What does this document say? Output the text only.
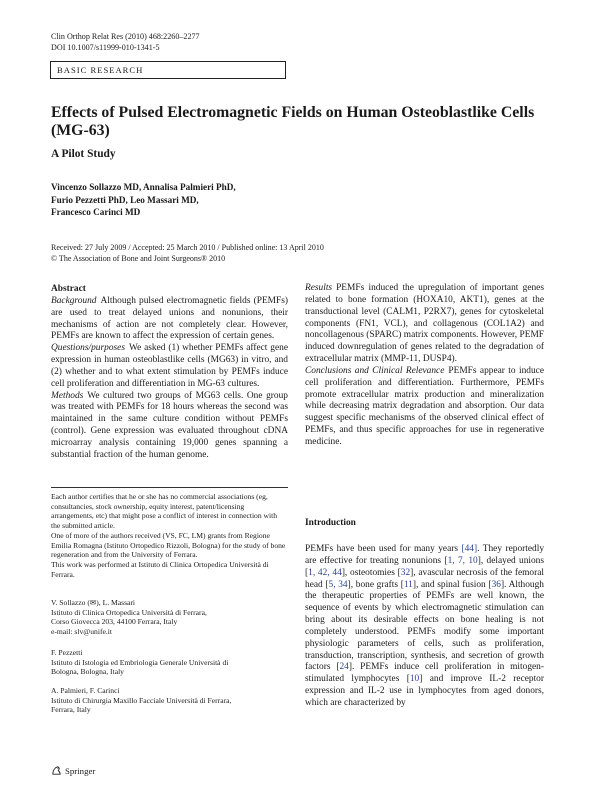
Clin Orthop Relat Res (2010) 468:2260–2277
DOI 10.1007/s11999-010-1341-5
BASIC RESEARCH
Effects of Pulsed Electromagnetic Fields on Human Osteoblastlike Cells (MG-63)
A Pilot Study
Vincenzo Sollazzo MD, Annalisa Palmieri PhD,
Furio Pezzetti PhD, Leo Massari MD,
Francesco Carinci MD
Received: 27 July 2009 / Accepted: 25 March 2010 / Published online: 13 April 2010
© The Association of Bone and Joint Surgeons® 2010

Abstract

Background Although pulsed electromagnetic fields (PEMFs) are used to treat delayed unions and nonunions, their mechanisms of action are not completely clear. However, PEMFs are known to affect the expression of certain genes.

Questions/purposes We asked (1) whether PEMFs affect gene expression in human osteoblastlike cells (MG63) in vitro, and (2) whether and to what extent stimulation by PEMFs induce cell proliferation and differentiation in MG-63 cultures.

Methods We cultured two groups of MG63 cells. One group was treated with PEMFs for 18 hours whereas the second was maintained in the same culture condition without PEMFs (control). Gene expression was evaluated throughout cDNA microarray analysis containing 19,000 genes spanning a substantial fraction of the human genome.

Results PEMFs induced the upregulation of important genes related to bone formation (HOXA10, AKT1), genes at the transductional level (CALM1, P2RX7), genes for cytoskeletal components (FN1, VCL), and collagenous (COL1A2) and noncollagenous (SPARC) matrix components. However, PEMF induced downregulation of genes related to the degradation of extracellular matrix (MMP-11, DUSP4).

Conclusions and Clinical Relevance PEMFs appear to induce cell proliferation and differentiation. Furthermore, PEMFs promote extracellular matrix production and mineralization while decreasing matrix degradation and absorption. Our data suggest specific mechanisms of the observed clinical effect of PEMFs, and thus specific approaches for use in regenerative medicine.

Each author certifies that he or she has no commercial associations (eg, consultancies, stock ownership, equity interest, patent/licensing arrangements, etc) that might pose a conflict of interest in connection with the submitted article.

One of more of the authors received (VS, FC, LM) grants from Regione Emilia Romagna (Istituto Ortopedico Rizzoli, Bologna) for the study of bone regeneration and from the University of Ferrara.

This work was performed at Istituto di Clinica Ortopedica Università di Ferrara.

V. Sollazzo (✉), L. Massari
Istituto di Clinica Ortopedica Università di Ferrara,
Corso Giovecca 203, 44100 Ferrara, Italy
e-mail: slv@unife.it
F. Pezzetti
Istituto di Istologia ed Embriologia Generale Università di
Bologna, Bologna, Italy
A. Palmieri, F. Carinci
Istituto di Chirurgia Maxillo Facciale Università di Ferrara,
Ferrara, Italy
Introduction
PEMFs have been used for many years [44]. They reportedly are effective for treating nonunions [1, 7, 10], delayed unions [1, 42, 44], osteotomies [32], avascular necrosis of the femoral head [5, 34], bone grafts [11], and spinal fusion [36]. Although the therapeutic properties of PEMFs are well known, the sequence of events by which electromagnetic stimulation can bring about its desirable effects on bone healing is not completely understood. PEMFs modify some important physiologic parameters of cells, such as proliferation, transduction, transcription, synthesis, and secretion of growth factors [24]. PEMFs induce cell proliferation in mitogen-stimulated lymphocytes [10] and improve IL-2 receptor expression and IL-2 use in lymphocytes from aged donors, which are characterized by
Springer
